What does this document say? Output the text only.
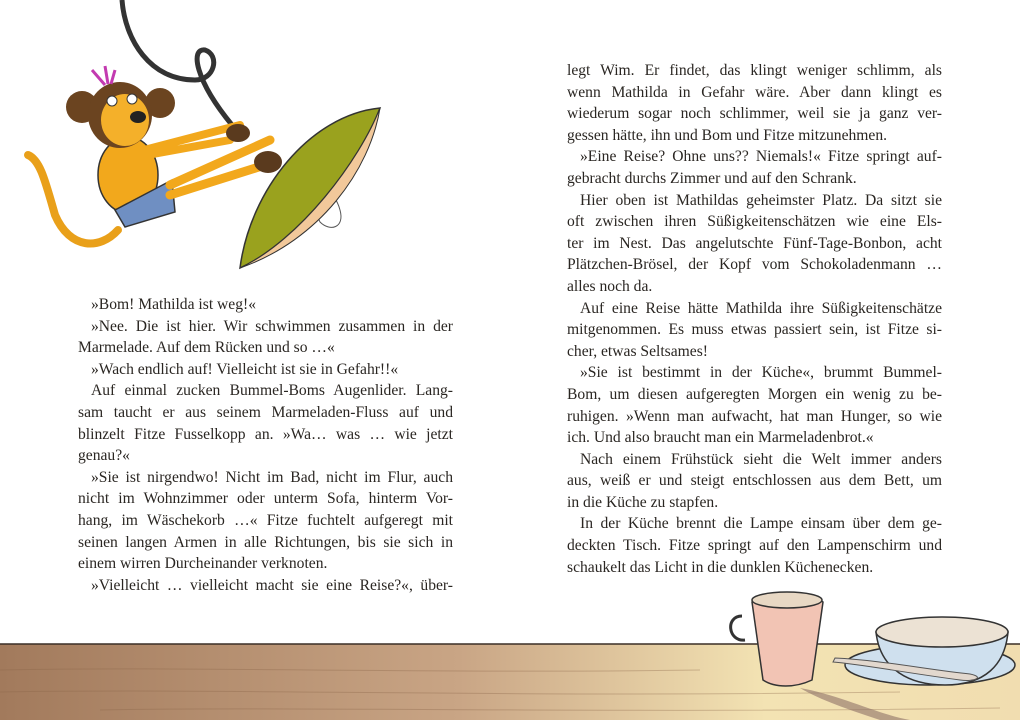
»Bom! Mathilda ist weg!«
»Nee. Die ist hier. Wir schwimmen zusammen in der
Marmelade. Auf dem Rücken und so …«
»Wach endlich auf! Vielleicht ist sie in Gefahr!!«
Auf einmal zucken Bummel-Boms Augenlider. Lang-
sam taucht er aus seinem Marmeladen-Fluss auf und
blinzelt Fitze Fusselkopp an. »Wa… was … wie jetzt
genau?«
»Sie ist nirgendwo! Nicht im Bad, nicht im Flur, auch
nicht im Wohnzimmer oder unterm Sofa, hinterm Vor-
hang, im Wäschekorb …« Fitze fuchtelt aufgeregt mit
seinen langen Armen in alle Richtungen, bis sie sich in
einem wirren Durcheinander verknoten.
»Vielleicht … vielleicht macht sie eine Reise?«, über-
legt Wim. Er findet, das klingt weniger schlimm, als
wenn Mathilda in Gefahr wäre. Aber dann klingt es
wiederum sogar noch schlimmer, weil sie ja ganz ver-
gessen hätte, ihn und Bom und Fitze mitzunehmen.
»Eine Reise? Ohne uns?? Niemals!« Fitze springt auf-
gebracht durchs Zimmer und auf den Schrank.
Hier oben ist Mathildas geheimster Platz. Da sitzt sie
oft zwischen ihren Süßigkeitenschätzen wie eine Els-
ter im Nest. Das angelutschte Fünf-Tage-Bonbon, acht
Plätzchen-Brösel, der Kopf vom Schokoladenmann …
alles noch da.
Auf eine Reise hätte Mathilda ihre Süßigkeitenschätze
mitgenommen. Es muss etwas passiert sein, ist Fitze si-
cher, etwas Seltsames!
»Sie ist bestimmt in der Küche«, brummt Bummel-
Bom, um diesen aufgeregten Morgen ein wenig zu be-
ruhigen. »Wenn man aufwacht, hat man Hunger, so wie
ich. Und also braucht man ein Marmeladenbrot.«
Nach einem Frühstück sieht die Welt immer anders
aus, weiß er und steigt entschlossen aus dem Bett, um
in die Küche zu stapfen.
In der Küche brennt die Lampe einsam über dem ge-
deckten Tisch. Fitze springt auf den Lampenschirm und
schaukelt das Licht in die dunklen Küchenecken.
